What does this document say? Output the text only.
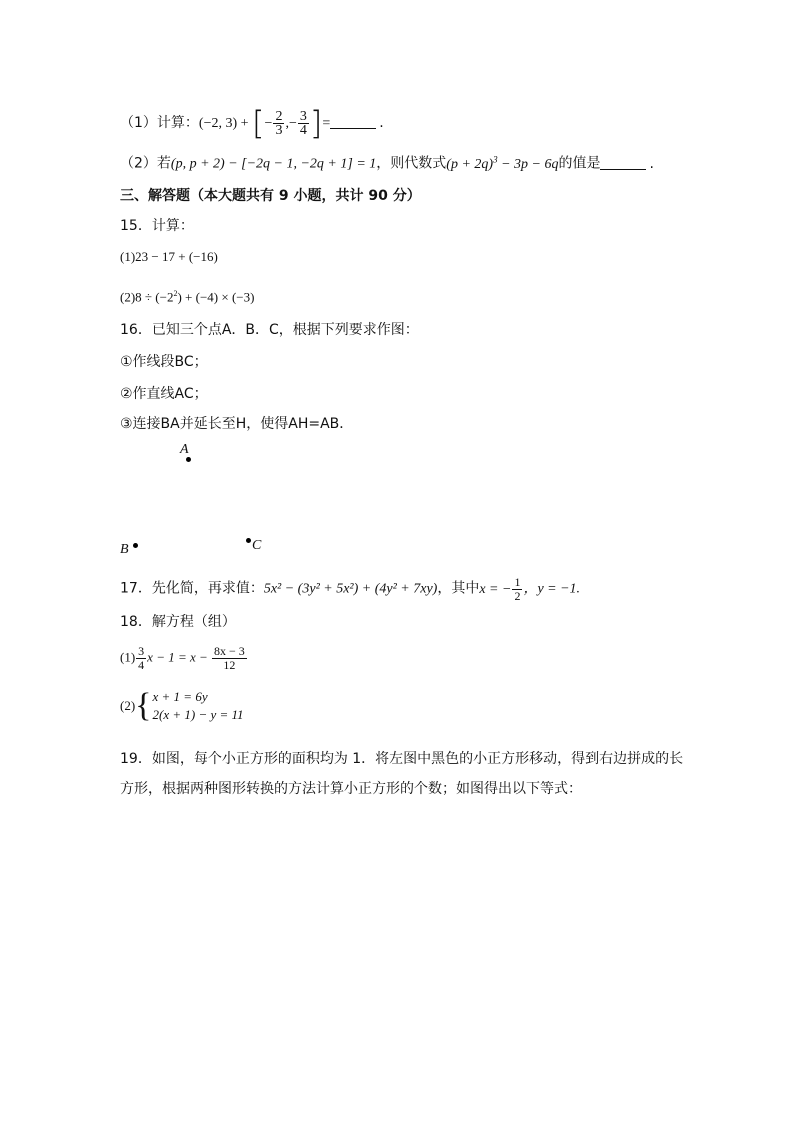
（1）计算：(−2, 3) + [− $\frac{2}{3}$ ,− $\frac{3}{4}$ ]=	.
（2）若(p, p + 2) − [−2q − 1, −2q + 1] = 1，则代数式$(p + 2q)^3 - 3p - 6q$的值是	.
三、解答题（本大题共有 9 小题，共计 90 分）
15．计算：
(1)23 − 17 + (−16)
$(2)8 \div (-2^2) + (-4) \times (-3)$
16．已知三个点A．B．C，根据下列要求作图：
①作线段BC；
②作直线AC；
③连接BA并延长至H，使得AH=AB．
A
B	C
17．先化简，再求值：5x² − (3y² + 5x²) + (4y² + 7xy)，其中x = − $\frac{1}{2}$ ，y = −1.
18．解方程（组）
$(1) \frac{3}{4}$ $x - 1 = x - \frac{8x - 3}{12}$
(2){ x + 1 = 6y
2(x + 1) − y = 11
19．如图，每个小正方形的面积均为 1．将左图中黑色的小正方形移动，得到右边拼成的长
方形，根据两种图形转换的方法计算小正方形的个数；如图得出以下等式：
